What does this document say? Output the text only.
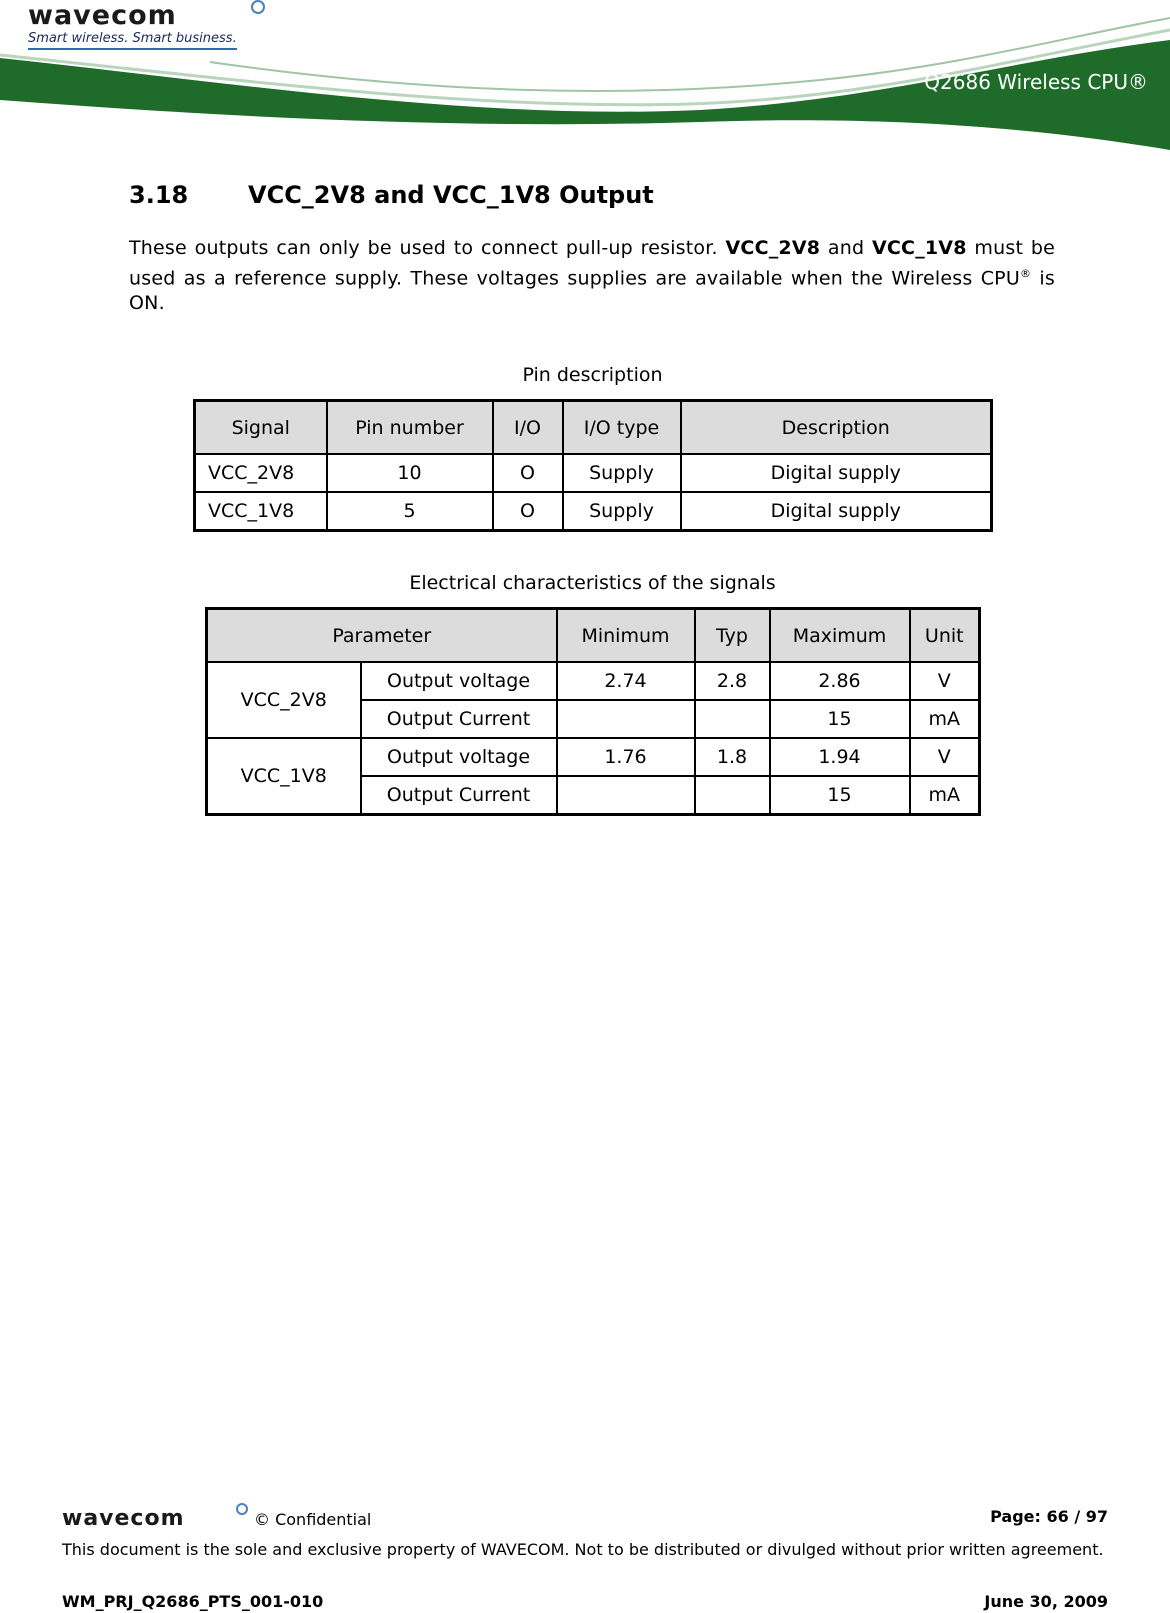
wavecom
Smart wireless. Smart business.
Q2686 Wireless CPU®
3.18 VCC_2V8 and VCC_1V8 Output
These outputs can only be used to connect pull-up resistor. VCC_2V8 and VCC_1V8 must be used as a reference supply. These voltages supplies are available when the Wireless CPU® is ON.
Pin description
Signal	Pin number	I/O	I/O type	Description
VCC_2V8	10	O	Supply	Digital supply
VCC_1V8	5	O	Supply	Digital supply
Electrical characteristics of the signals
Parameter		Minimum	Typ	Maximum	Unit
VCC_2V8	Output voltage	2.74	2.8	2.86	V
	Output Current			15	mA
VCC_1V8	Output voltage	1.76	1.8	1.94	V
	Output Current			15	mA
wavecom	© Confidential	Page: 66 / 97
This document is the sole and exclusive property of WAVECOM. Not to be distributed or divulged without prior written agreement.
WM_PRJ_Q2686_PTS_001-010	June 30, 2009
